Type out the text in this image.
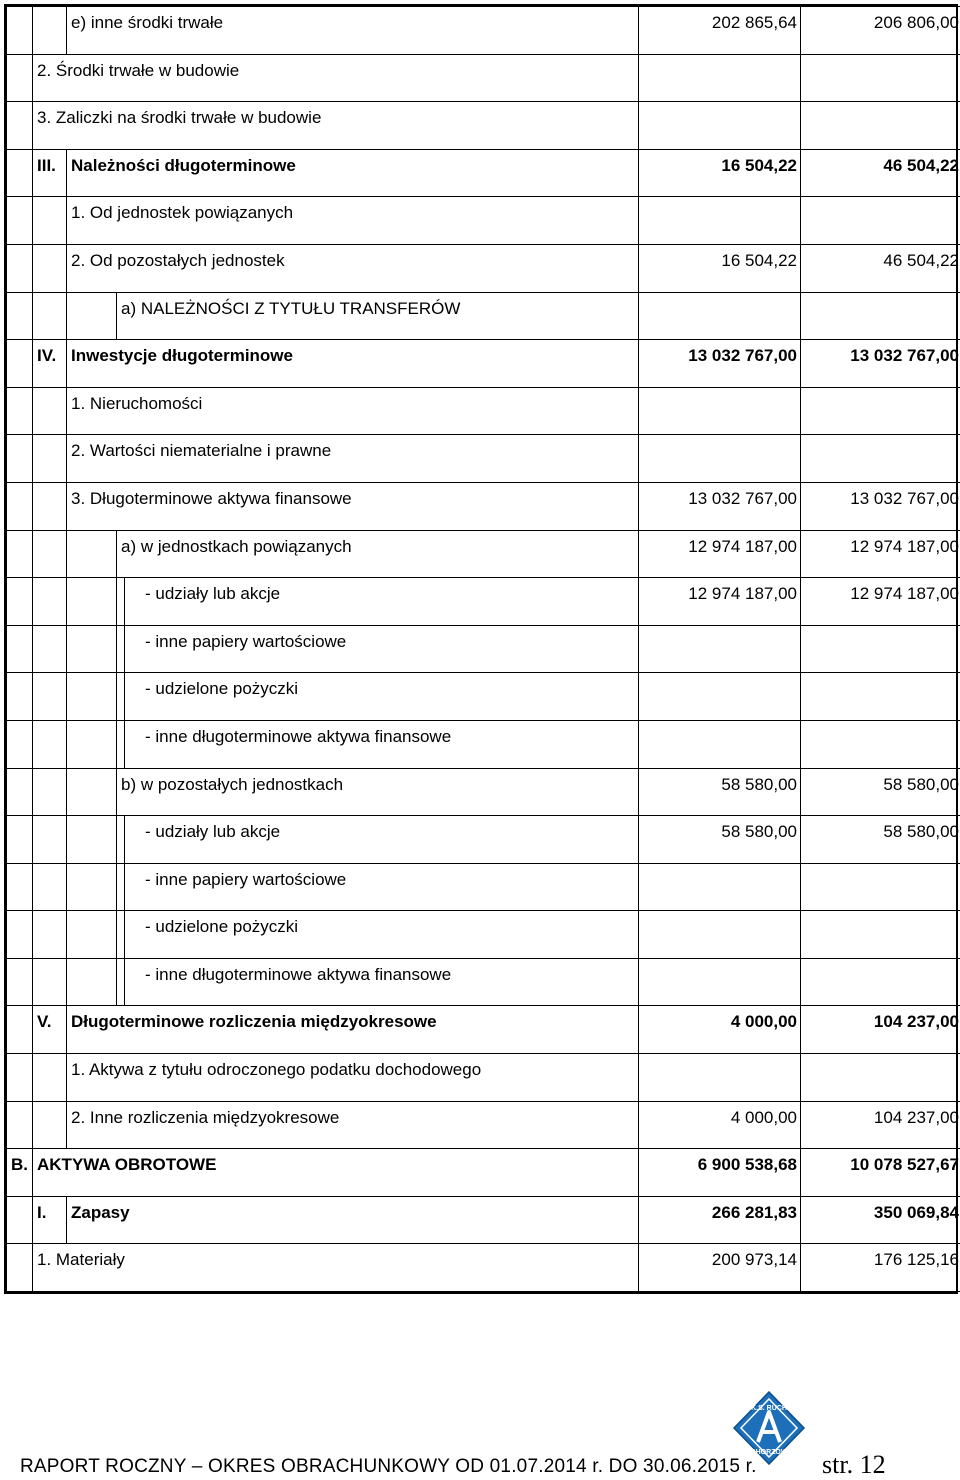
		e) inne środki trwałe			202 865,64	206 806,00
	2. Środki trwałe w budowie					
	3. Zaliczki na środki trwałe w budowie					
	III.	Należności długoterminowe			16 504,22	46 504,22
		1. Od jednostek powiązanych				
		2. Od pozostałych jednostek			16 504,22	46 504,22
			a) NALEŻNOŚCI Z TYTUŁU TRANSFERÓW			
	IV.	Inwestycje długoterminowe			13 032 767,00	13 032 767,00
		1. Nieruchomości				
		2. Wartości niematerialne i prawne				
		3. Długoterminowe aktywa finansowe			13 032 767,00	13 032 767,00
			a) w jednostkach powiązanych		12 974 187,00	12 974 187,00
				- udziały lub akcje	12 974 187,00	12 974 187,00
				- inne papiery wartościowe		
				- udzielone pożyczki		
				- inne długoterminowe aktywa finansowe		
			b) w pozostałych jednostkach		58 580,00	58 580,00
				- udziały lub akcje	58 580,00	58 580,00
				- inne papiery wartościowe		
				- udzielone pożyczki		
				- inne długoterminowe aktywa finansowe		
	V.	Długoterminowe rozliczenia międzyokresowe			4 000,00	104 237,00
		1. Aktywa z tytułu odroczonego podatku dochodowego				
		2. Inne rozliczenia międzyokresowe			4 000,00	104 237,00
B.	AKTYWA OBROTOWE				6 900 538,68	10 078 527,67
	I.	Zapasy			266 281,83	350 069,84
	1. Materiały				200 973,14	176 125,16
K.S. RUCH
CHORZÓW
RAPORT ROCZNY – OKRES OBRACHUNKOWY OD 01.07.2014 r. DO 30.06.2015 r.	str. 12
